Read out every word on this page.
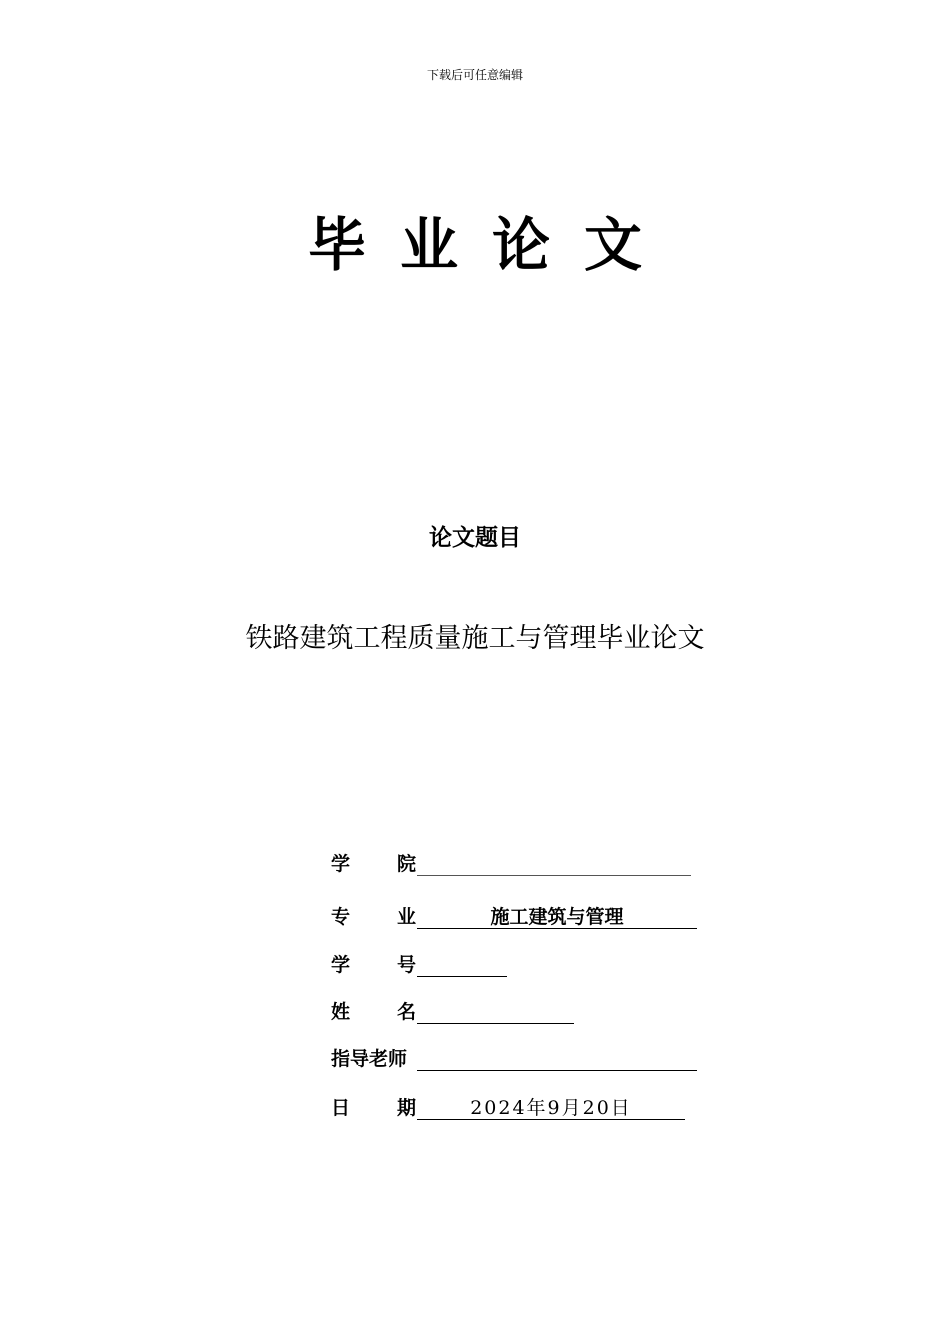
下载后可任意编辑
毕业论文
论文题目
铁路建筑工程质量施工与管理毕业论文
学 院
专 业	施工建筑与管理
学 号
姓 名
指导老师
日 期	2024年9月20日
